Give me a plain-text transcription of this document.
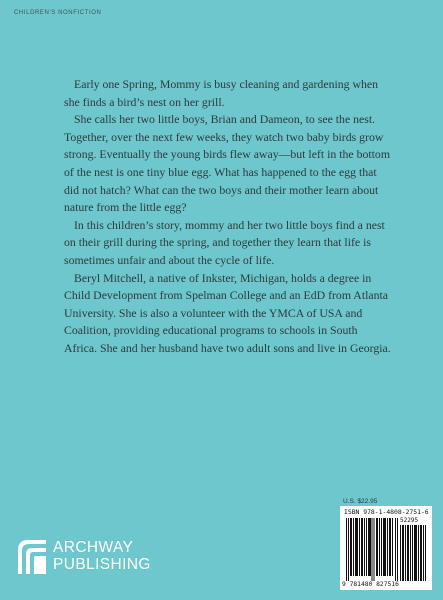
CHILDREN'S NONFICTION

Early one Spring, Mommy is busy cleaning and gardening when she finds a bird’s nest on her grill.

She calls her two little boys, Brian and Dameon, to see the nest. Together, over the next few weeks, they watch two baby birds grow strong. Eventually the young birds flew away—but left in the bottom of the nest is one tiny blue egg. What has happened to the egg that did not hatch? What can the two boys and their mother learn about nature from the little egg?

In this children’s story, mommy and her two little boys find a nest on their grill during the spring, and together they learn that life is sometimes unfair and about the cycle of life.

Beryl Mitchell, a native of Inkster, Michigan, holds a degree in Child Development from Spelman College and an EdD from Atlanta University. She is also a volunteer with the YMCA of USA and Coalition, providing educational programs to schools in South Africa. She and her husband have two adult sons and live in Georgia.

ARCHWAY
PUBLISHING
U.S. $22.95
ISBN 978-1-4808-2751-6
52295
9 781480 827516
